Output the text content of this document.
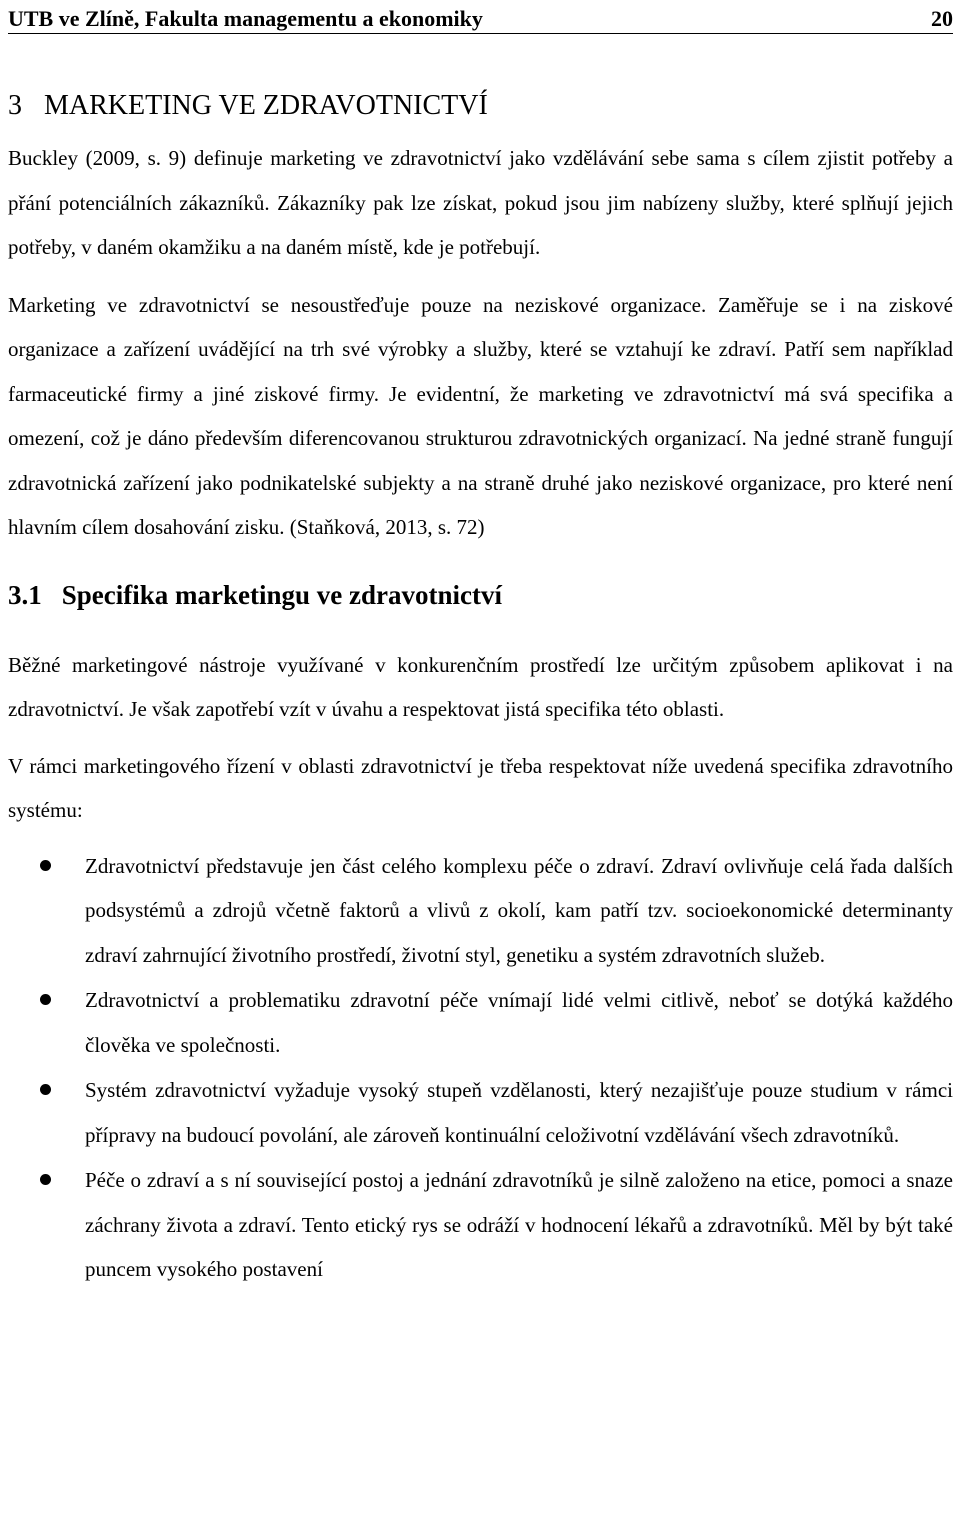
UTB ve Zlíně, Fakulta managementu a ekonomiky	20
3 MARKETING VE ZDRAVOTNICTVÍ

Buckley (2009, s. 9) definuje marketing ve zdravotnictví jako vzdělávání sebe sama s cílem zjistit potřeby a přání potenciálních zákazníků. Zákazníky pak lze získat, pokud jsou jim nabízeny služby, které splňují jejich potřeby, v daném okamžiku a na daném místě, kde je potřebují.

Marketing ve zdravotnictví se nesoustřeďuje pouze na neziskové organizace. Zaměřuje se i na ziskové organizace a zařízení uvádějící na trh své výrobky a služby, které se vztahují ke zdraví. Patří sem například farmaceutické firmy a jiné ziskové firmy. Je evidentní, že marketing ve zdravotnictví má svá specifika a omezení, což je dáno především diferencovanou strukturou zdravotnických organizací. Na jedné straně fungují zdravotnická zařízení jako podnikatelské subjekty a na straně druhé jako neziskové organizace, pro které není hlavním cílem dosahování zisku. (Staňková, 2013, s. 72)

3.1 Specifika marketingu ve zdravotnictví

Běžné marketingové nástroje využívané v konkurenčním prostředí lze určitým způsobem aplikovat i na zdravotnictví. Je však zapotřebí vzít v úvahu a respektovat jistá specifika této oblasti.

V rámci marketingového řízení v oblasti zdravotnictví je třeba respektovat níže uvedená specifika zdravotního systému:

Zdravotnictví představuje jen část celého komplexu péče o zdraví. Zdraví ovlivňuje celá řada dalších podsystémů a zdrojů včetně faktorů a vlivů z okolí, kam patří tzv. socioekonomické determinanty zdraví zahrnující životního prostředí, životní styl, genetiku a systém zdravotních služeb.
Zdravotnictví a problematiku zdravotní péče vnímají lidé velmi citlivě, neboť se dotýká každého člověka ve společnosti.
Systém zdravotnictví vyžaduje vysoký stupeň vzdělanosti, který nezajišťuje pouze studium v rámci přípravy na budoucí povolání, ale zároveň kontinuální celoživotní vzdělávání všech zdravotníků.
Péče o zdraví a s ní související postoj a jednání zdravotníků je silně založeno na etice, pomoci a snaze záchrany života a zdraví. Tento etický rys se odráží v hodnocení lékařů a zdravotníků. Měl by být také puncem vysokého postavení
